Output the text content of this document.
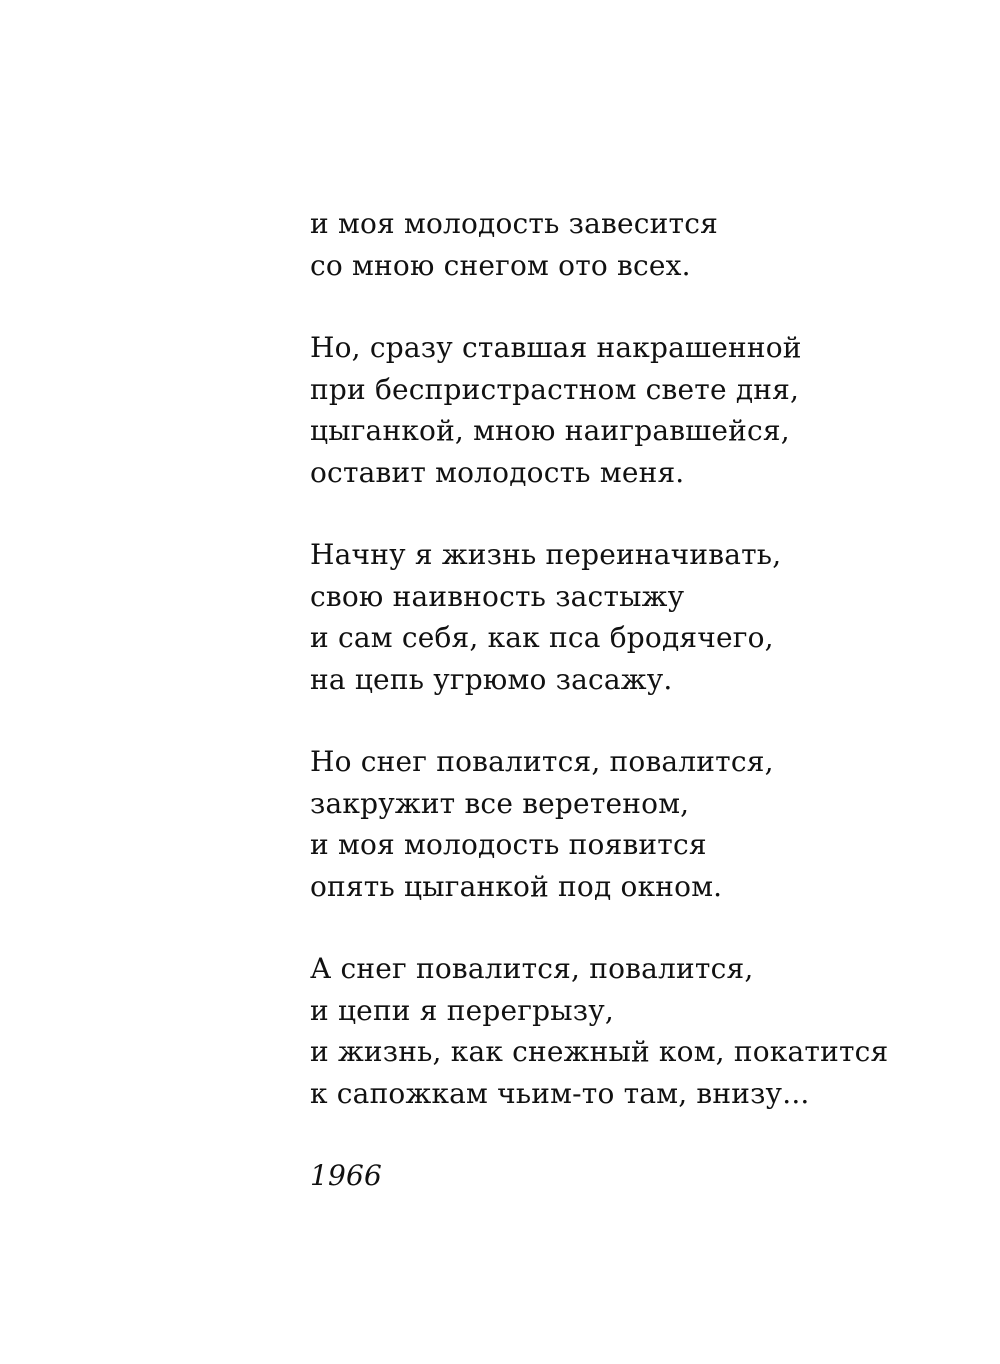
и моя молодость завесится
со мною снегом ото всех.
Но, сразу ставшая накрашенной
при беспристрастном свете дня,
цыганкой, мною наигравшейся,
оставит молодость меня.
Начну я жизнь переиначивать,
свою наивность застыжу
и сам себя, как пса бродячего,
на цепь угрюмо засажу.
Но снег повалится, повалится,
закружит все веретеном,
и моя молодость появится
опять цыганкой под окном.
А снег повалится, повалится,
и цепи я перегрызу,
и жизнь, как снежный ком, покатится
к сапожкам чьим-то там, внизу...
1966
